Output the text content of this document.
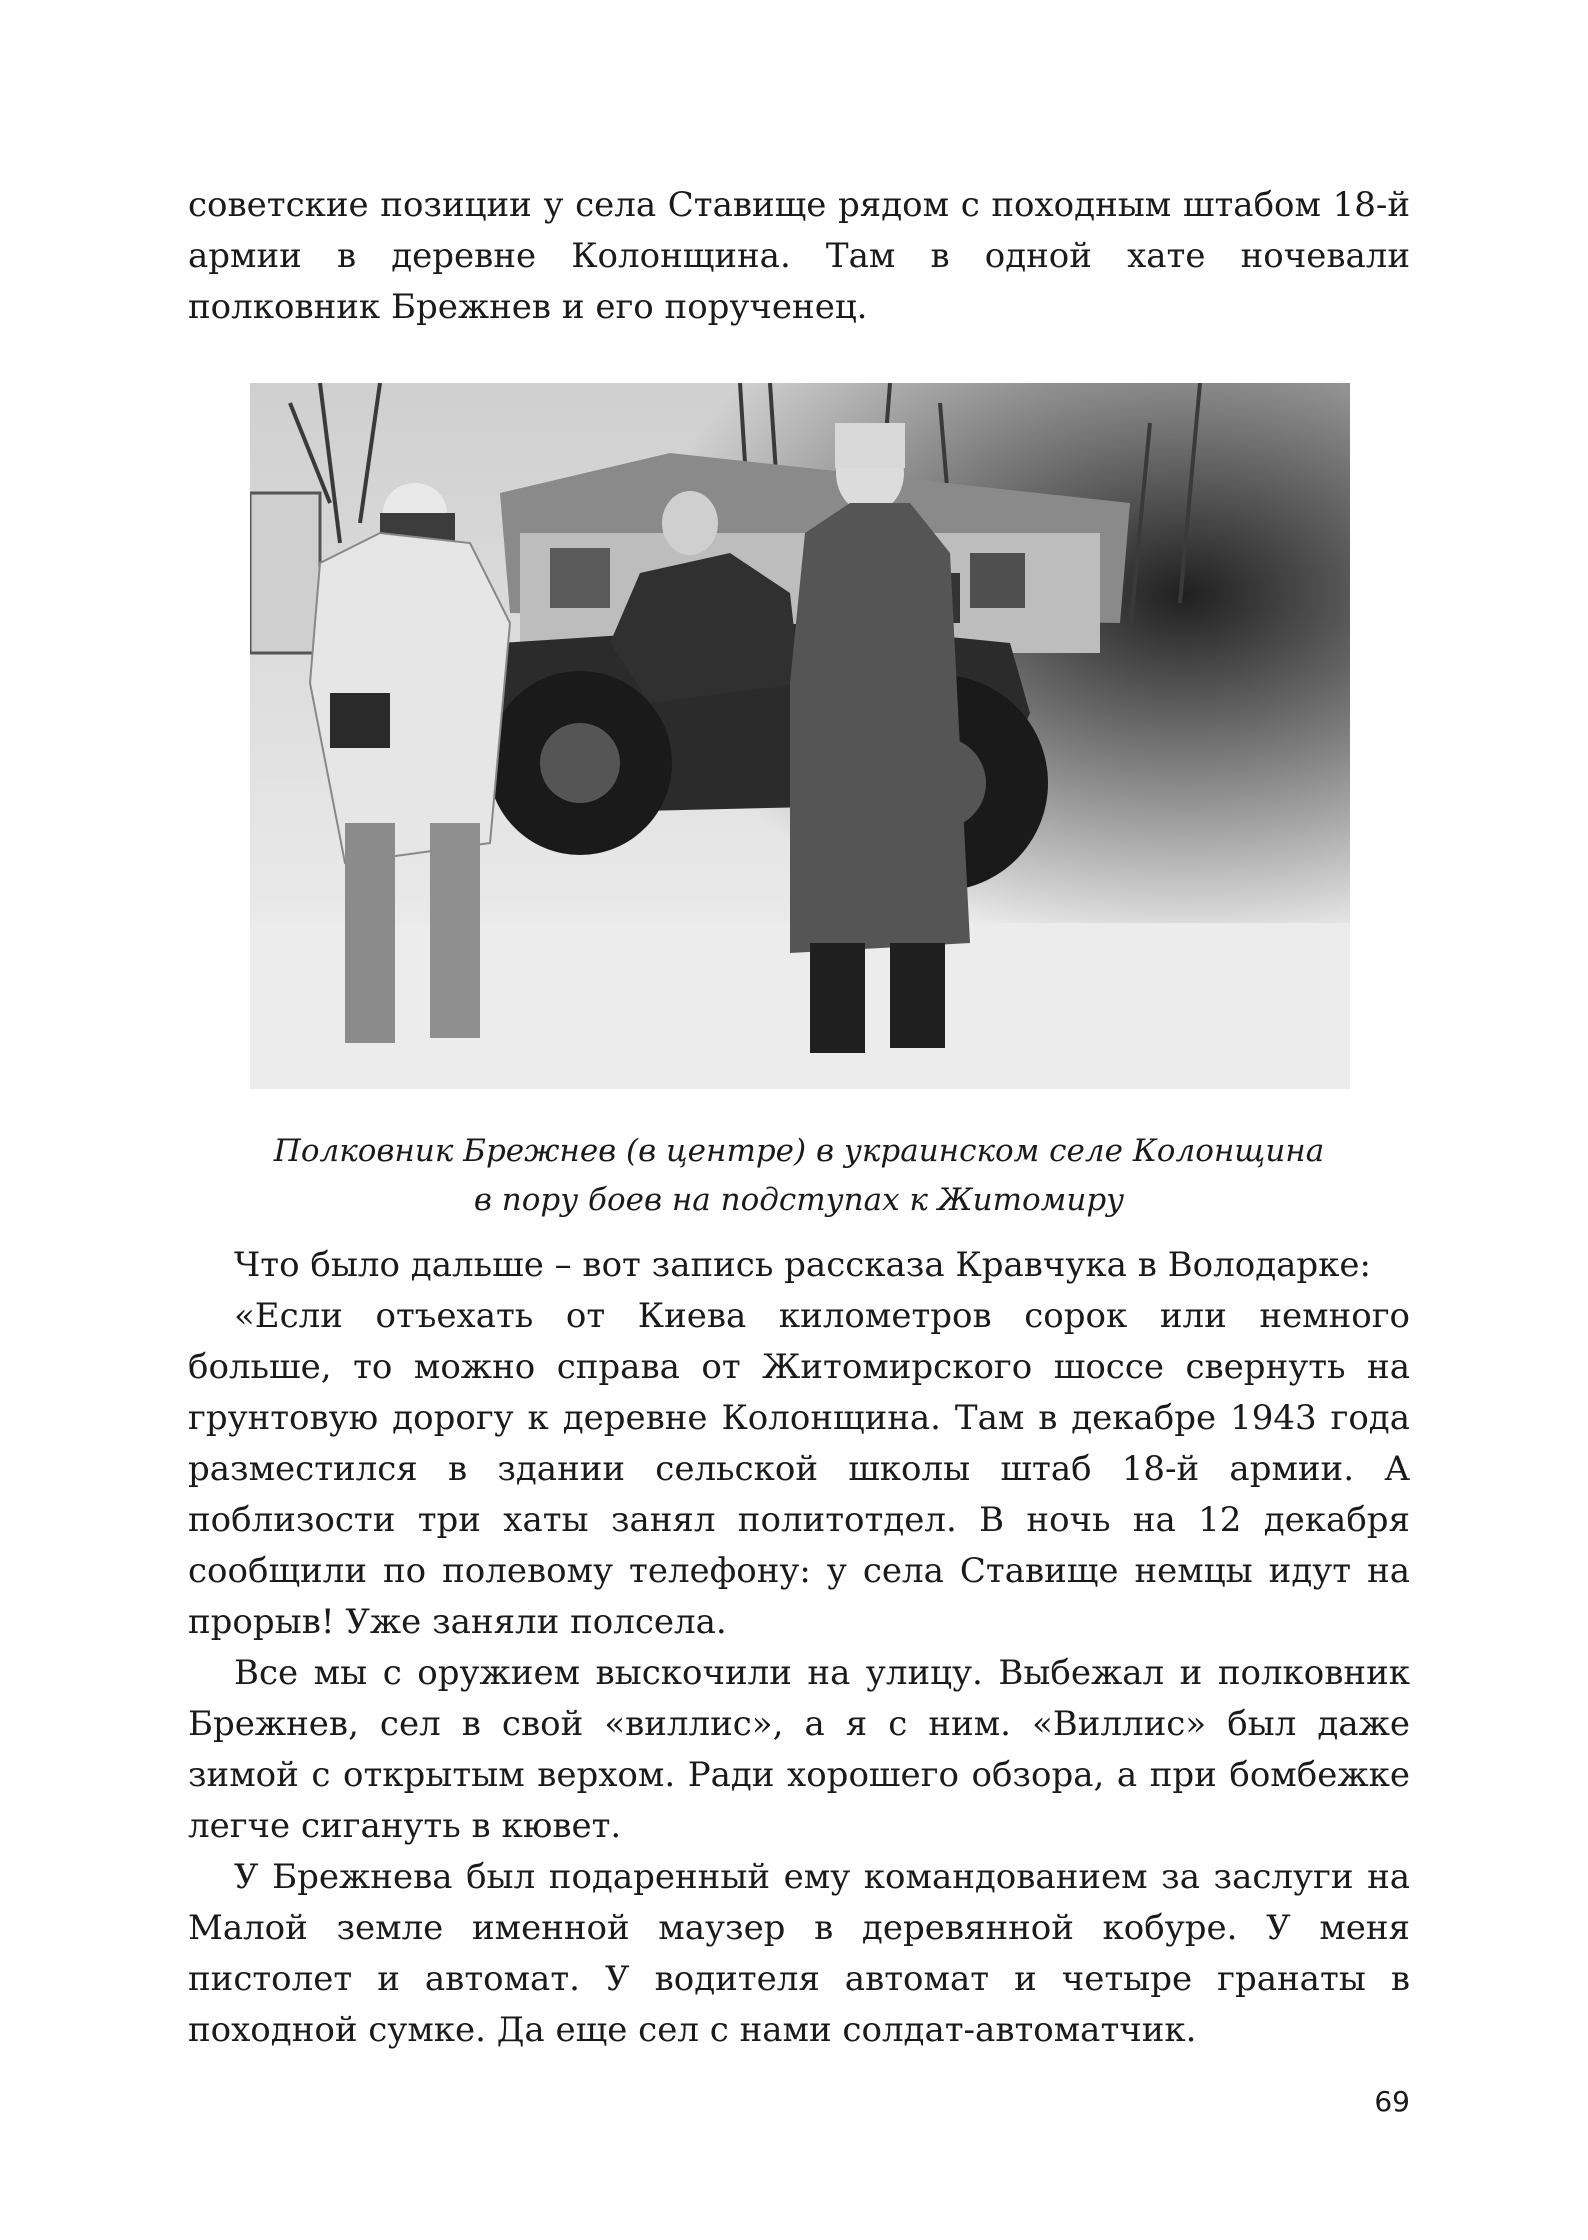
советские позиции у села Ставище рядом с походным штабом 18-й армии в деревне Колонщина. Там в одной хате ночевали полковник Брежнев и его порученец.

Полковник Брежнев (в центре) в украинском селе Колонщина
в пору боев на подступах к Житомиру

Что было дальше – вот запись рассказа Кравчука в Володарке:

«Если отъехать от Киева километров сорок или немного больше, то можно справа от Житомирского шоссе свернуть на грунтовую дорогу к деревне Колонщина. Там в декабре 1943 года разместился в здании сельской школы штаб 18-й армии. А поблизости три хаты занял политотдел. В ночь на 12 декабря сообщили по полевому телефону: у села Ставище немцы идут на прорыв! Уже заняли полсела.

Все мы с оружием выскочили на улицу. Выбежал и полковник Брежнев, сел в свой «виллис», а я с ним. «Виллис» был даже зимой с открытым верхом. Ради хорошего обзора, а при бомбежке легче сигануть в кювет.

У Брежнева был подаренный ему командованием за заслуги на Малой земле именной маузер в деревянной кобуре. У меня пистолет и автомат. У водителя автомат и четыре гранаты в походной сумке. Да еще сел с нами солдат-автоматчик.

69
